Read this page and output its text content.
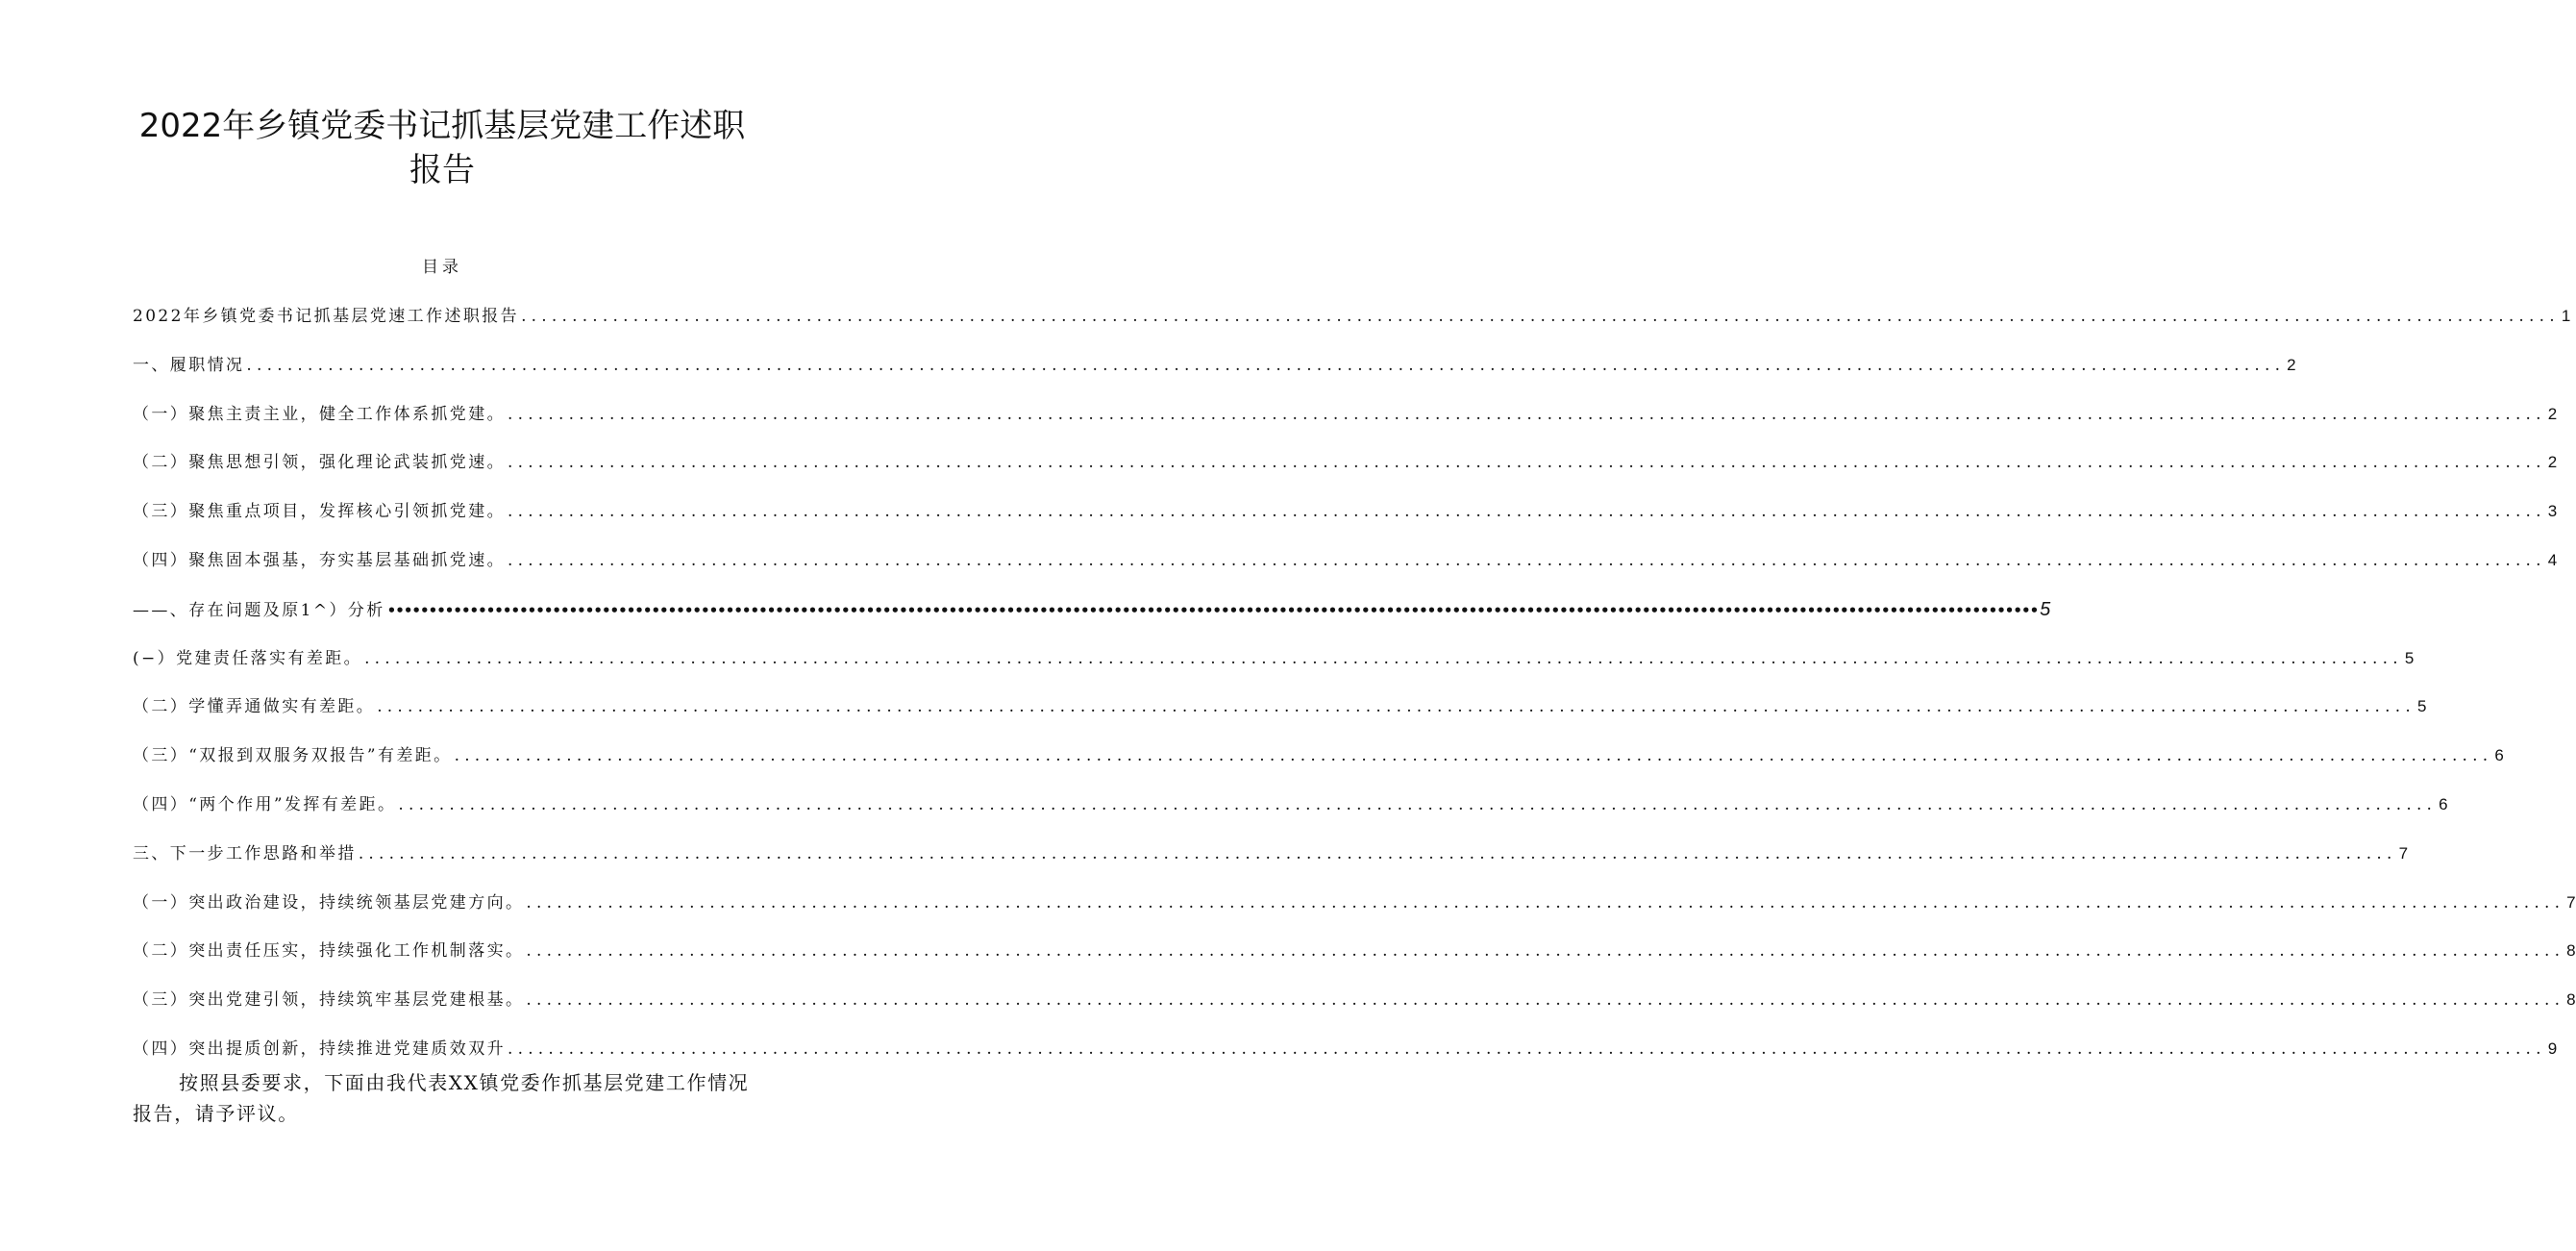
2022年乡镇党委书记抓基层党建工作述职
报告
目录
2022年乡镇党委书记抓基层党速工作述职报告 ........................................................................................................................................................................................................ 1
一、履职情况 ........................................................................................................................................................................................................ 2
（一）聚焦主责主业，健全工作体系抓党建。 ........................................................................................................................................................................................................ 2
（二）聚焦思想引领，强化理论武装抓党速。 ........................................................................................................................................................................................................ 2
（三）聚焦重点项目，发挥核心引领抓党建。 ........................................................................................................................................................................................................ 3
（四）聚焦固本强基，夯实基层基础抓党速。 ........................................................................................................................................................................................................ 4
——、存在问题及原1^）分析 •••••••••••••••••••••••••••••••••••••••••••••••••••••••••••••••••••••••••••••••••••••••••••••••••••••••••••••••••••••••••••••••••••••••••••••••••••••••••••••••••••••••••••••••••••••••••••••••••••••••• 5
(−）党建责任落实有差距。 ........................................................................................................................................................................................................ 5
（二）学懂弄通做实有差距。 ........................................................................................................................................................................................................ 5
（三）“双报到双服务双报告”有差距。 ........................................................................................................................................................................................................ 6
（四）“两个作用”发挥有差距。 ........................................................................................................................................................................................................ 6
三、下一步工作思路和举措 ........................................................................................................................................................................................................ 7
（一）突出政治建设，持续统领基层党建方向。 ........................................................................................................................................................................................................ 7
（二）突出责任压实，持续强化工作机制落实。 ........................................................................................................................................................................................................ 8
（三）突出党建引领，持续筑牢基层党建根基。 ........................................................................................................................................................................................................ 8
（四）突出提质创新，持续推进党建质效双升 ........................................................................................................................................................................................................ 9

按照县委要求，下面由我代表XX镇党委作抓基层党建工作情况报告，请予评议。
